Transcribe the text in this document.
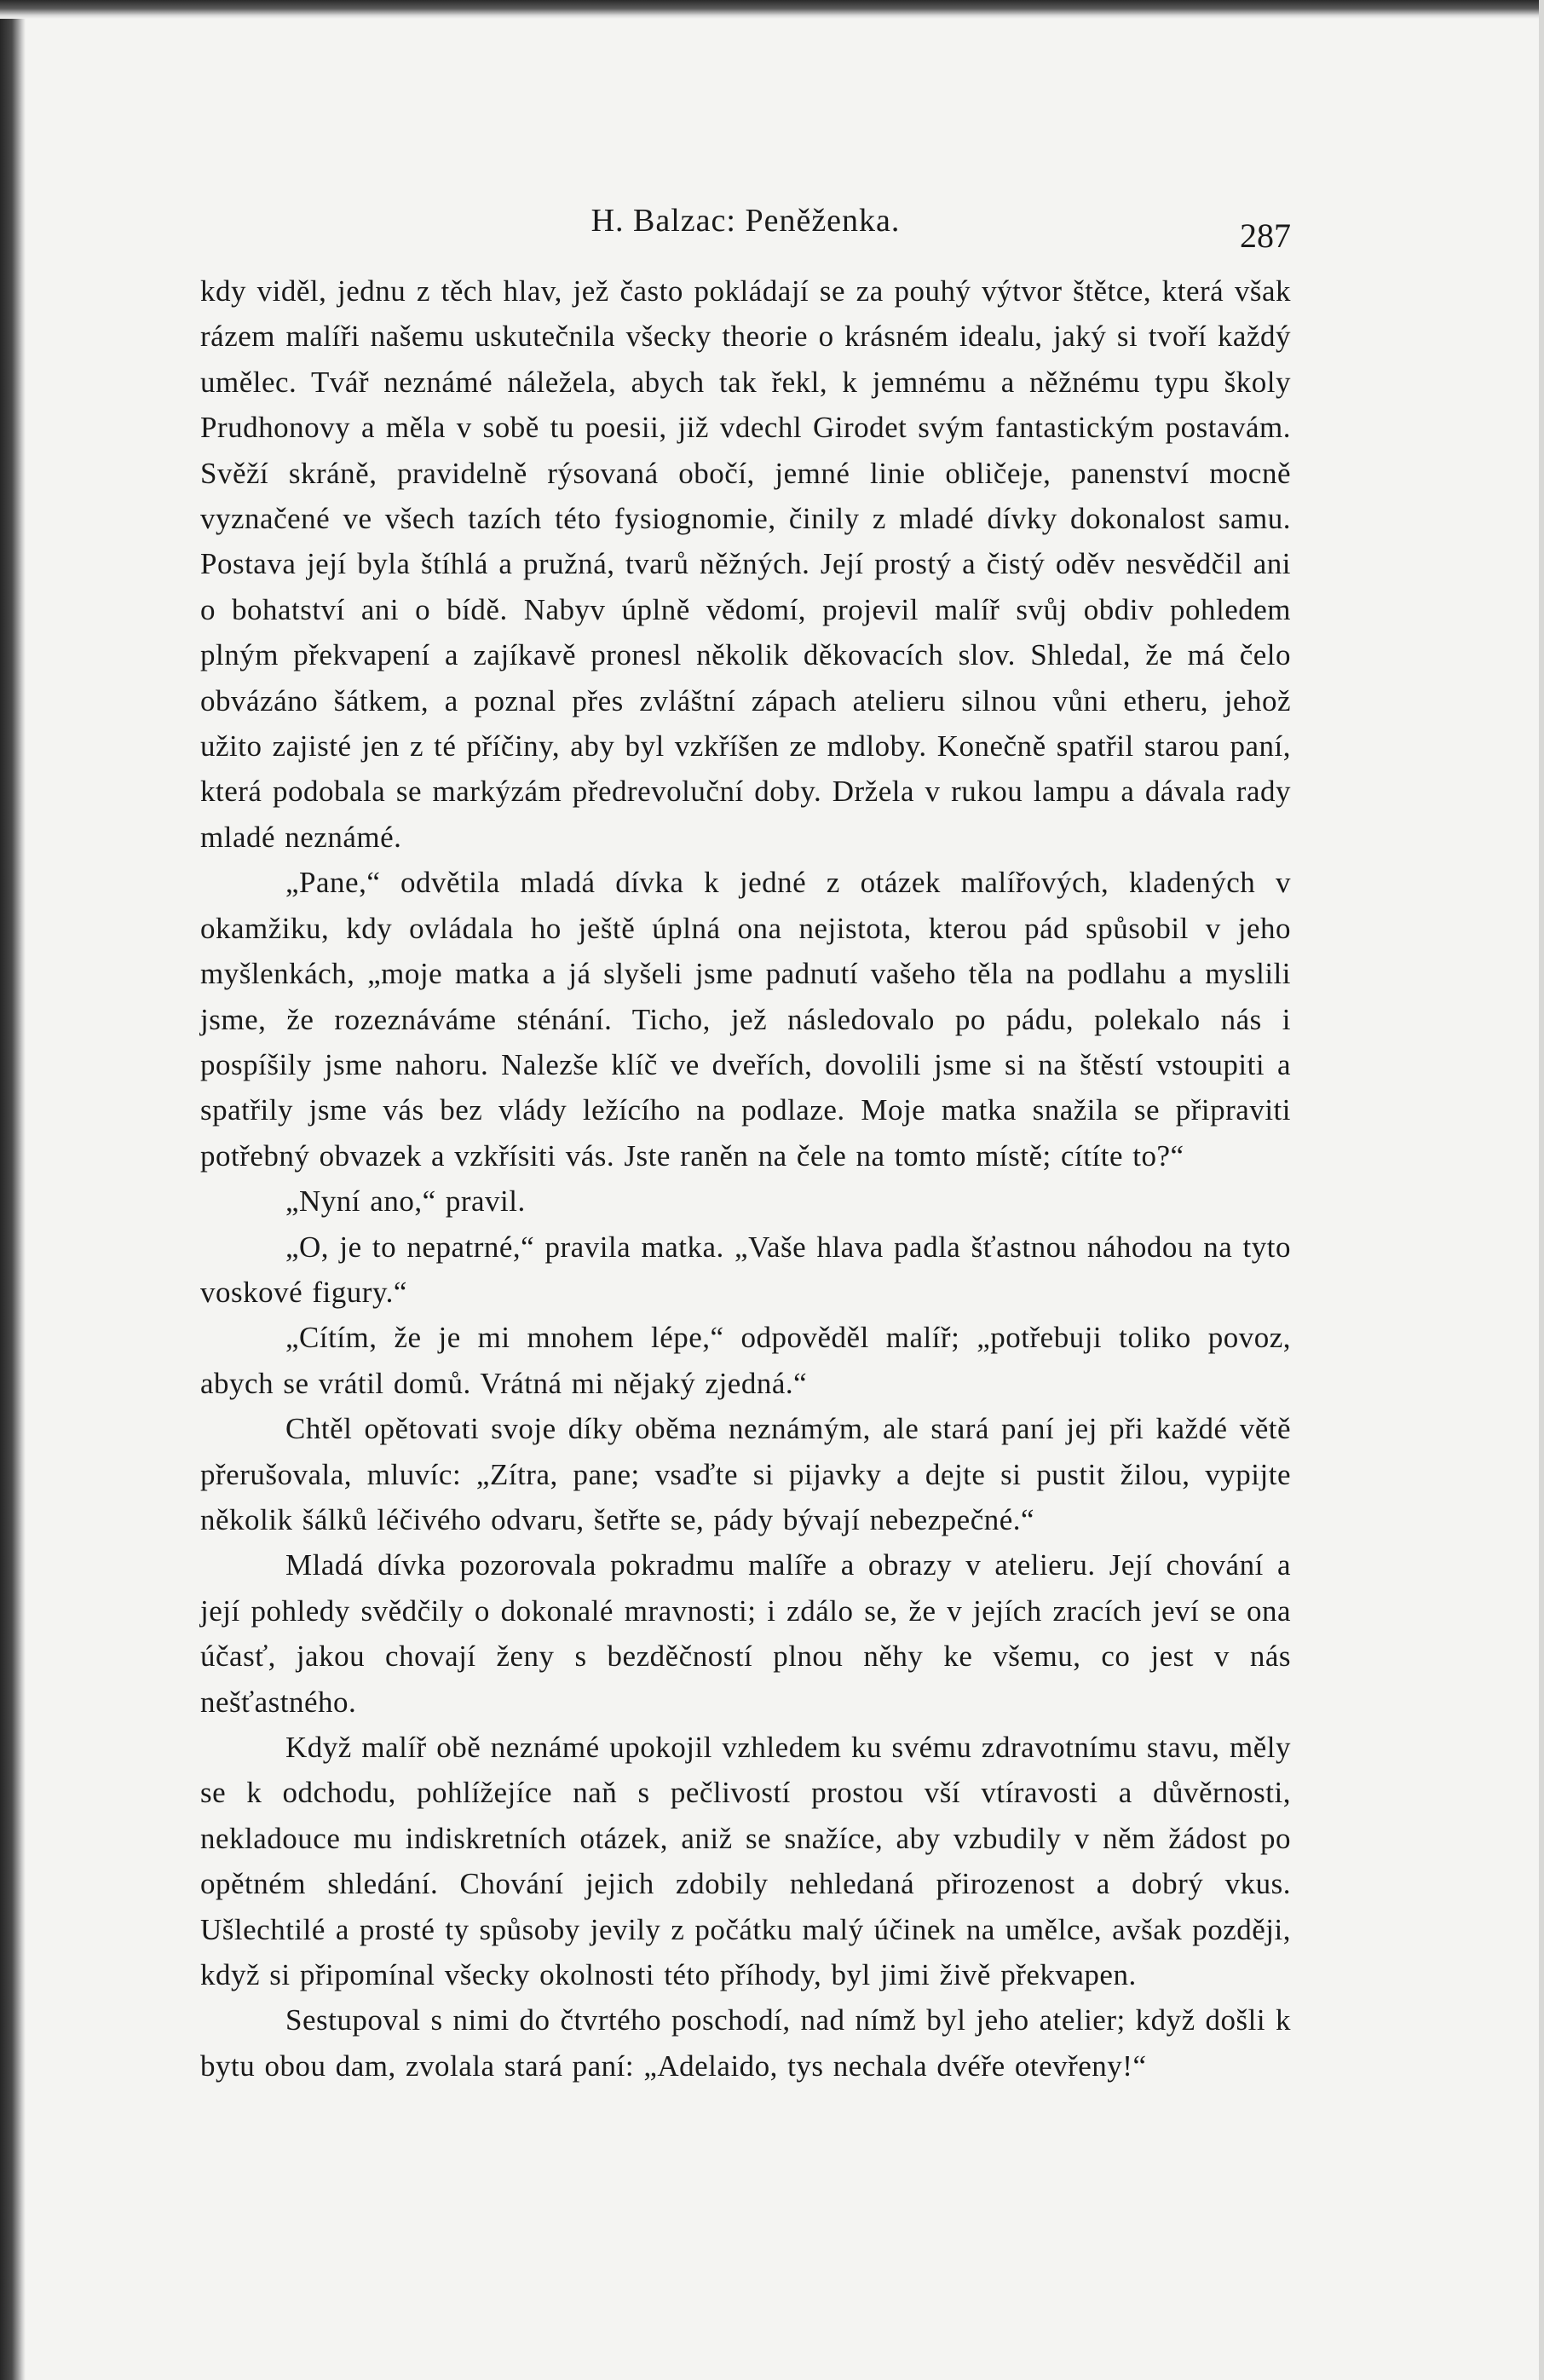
H. Balzac: Peněženka.	287

kdy viděl, jednu z těch hlav, jež často pokládají se za pouhý výtvor štětce, která však rázem malíři našemu uskutečnila všecky theorie o krásném idealu, jaký si tvoří každý umělec. Tvář neznámé náležela, abych tak řekl, k jemnému a něžnému typu školy Prudhonovy a měla v sobě tu poesii, již vdechl Girodet svým fantastickým postavám. Svěží skráně, pravidelně rýsovaná obočí, jemné linie obličeje, panenství mocně vyznačené ve všech tazích této fysiognomie, činily z mladé dívky dokonalost samu. Postava její byla štíhlá a pružná, tvarů něžných. Její prostý a čistý oděv nesvědčil ani o bohatství ani o bídě. Nabyv úplně vědomí, projevil malíř svůj obdiv pohledem plným překvapení a zajíkavě pronesl několik děkovacích slov. Shledal, že má čelo obvázáno šátkem, a poznal přes zvláštní zápach atelieru silnou vůni etheru, jehož užito zajisté jen z té příčiny, aby byl vzkříšen ze mdloby. Konečně spatřil starou paní, která podobala se markýzám předrevoluční doby. Držela v rukou lampu a dávala rady mladé neznámé.

„Pane,“ odvětila mladá dívka k jedné z otázek malířových, kladených v okamžiku, kdy ovládala ho ještě úplná ona nejistota, kterou pád spůsobil v jeho myšlenkách, „moje matka a já slyšeli jsme padnutí vašeho těla na podlahu a myslili jsme, že rozeznáváme sténání. Ticho, jež následovalo po pádu, polekalo nás i pospíšily jsme nahoru. Nalezše klíč ve dveřích, dovolili jsme si na štěstí vstoupiti a spatřily jsme vás bez vlády ležícího na podlaze. Moje matka snažila se připraviti potřebný obvazek a vzkřísiti vás. Jste raněn na čele na tomto místě; cítíte to?“

„Nyní ano,“ pravil.

„O, je to nepatrné,“ pravila matka. „Vaše hlava padla šťastnou náhodou na tyto voskové figury.“

„Cítím, že je mi mnohem lépe,“ odpověděl malíř; „potřebuji toliko povoz, abych se vrátil domů. Vrátná mi nějaký zjedná.“

Chtěl opětovati svoje díky oběma neznámým, ale stará paní jej při každé větě přerušovala, mluvíc: „Zítra, pane; vsaďte si pijavky a dejte si pustit žilou, vypijte několik šálků léčivého odvaru, šetřte se, pády bývají nebezpečné.“

Mladá dívka pozorovala pokradmu malíře a obrazy v atelieru. Její chování a její pohledy svědčily o dokonalé mravnosti; i zdálo se, že v jejích zracích jeví se ona účasť, jakou chovají ženy s bezděčností plnou něhy ke všemu, co jest v nás nešťastného.

Když malíř obě neznámé upokojil vzhledem ku svému zdravotnímu stavu, měly se k odchodu, pohlížejíce naň s pečlivostí prostou vší vtíravosti a důvěrnosti, nekladouce mu indiskretních otázek, aniž se snažíce, aby vzbudily v něm žádost po opětném shledání. Chování jejich zdobily nehledaná přirozenost a dobrý vkus. Ušlechtilé a prosté ty spůsoby jevily z počátku malý účinek na umělce, avšak později, když si připomínal všecky okolnosti této příhody, byl jimi živě překvapen.

Sestupoval s nimi do čtvrtého poschodí, nad nímž byl jeho atelier; když došli k bytu obou dam, zvolala stará paní: „Adelaido, tys nechala dvéře otevřeny!“
